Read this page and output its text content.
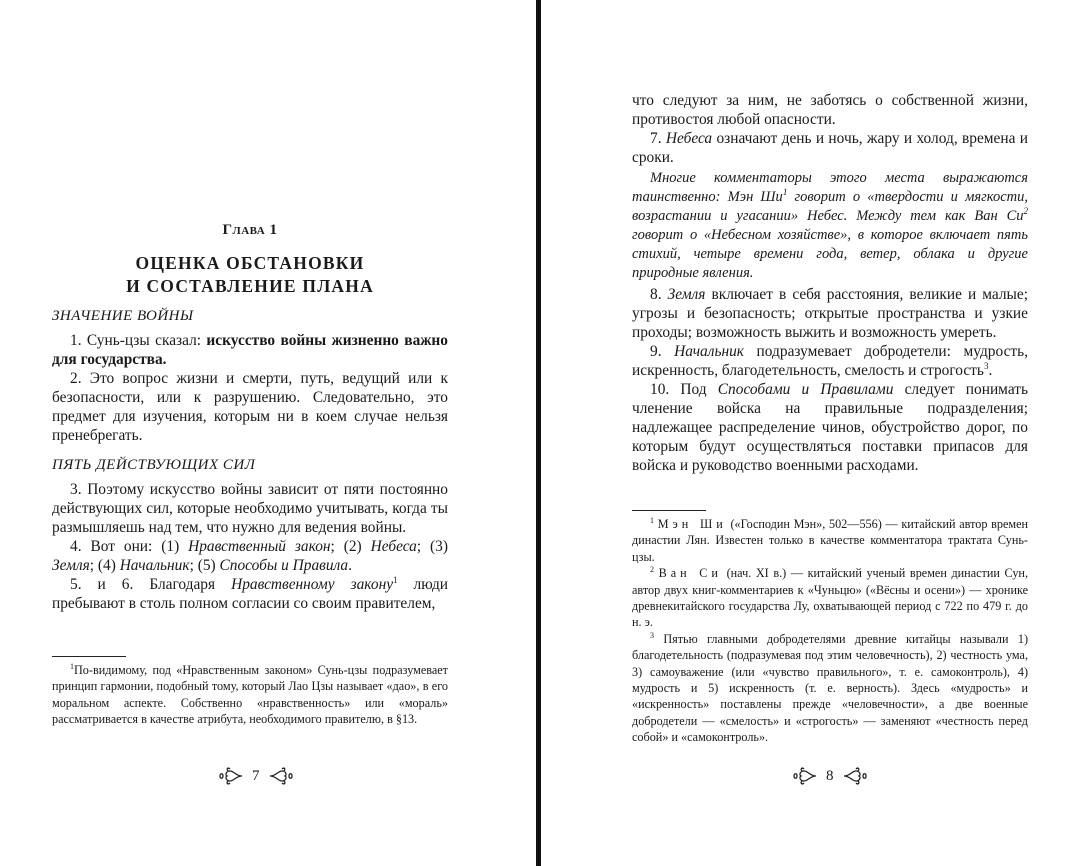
Глава 1
ОЦЕНКА ОБСТАНОВКИ
И СОСТАВЛЕНИЕ ПЛАНА
ЗНАЧЕНИЕ ВОЙНЫ

1. Сунь-цзы сказал: искусство войны жизненно важно для государства.

2. Это вопрос жизни и смерти, путь, ведущий или к безопасности, или к разрушению. Следовательно, это предмет для изучения, которым ни в коем случае нельзя пренебрегать.

ПЯТЬ ДЕЙСТВУЮЩИХ СИЛ

3. Поэтому искусство войны зависит от пяти постоянно действующих сил, которые необходимо учитывать, когда ты размышляешь над тем, что нужно для ведения войны.

4. Вот они: (1) Нравственный закон; (2) Небеса; (3) Земля; (4) Начальник; (5) Способы и Правила.

5. и 6. Благодаря Нравственному закону$^1$ люди пребывают в столь полном согласии со своим правителем,

$^1$По-видимому, под «Нравственным законом» Сунь-цзы подразумевает принцип гармонии, подобный тому, который Лао Цзы называет «дао», в его моральном аспекте. Собственно «нравственность» или «мораль» рассматривается в качестве атрибута, необходимого правителю, в §13.
7

что следуют за ним, не заботясь о собственной жизни, противостоя любой опасности.

7. Небеса означают день и ночь, жару и холод, времена и сроки.

Многие комментаторы этого места выражаются таинственно: Мэн $Ши^1$ говорит о «твердости и мягкости, возрастании и угасании» Небес. Между тем как Ван $Си^2$ говорит о «Небесном хозяйстве», в которое включает пять стихий, четыре времени года, ветер, облака и другие природные явления.

8. Земля включает в себя расстояния, великие и малые; угрозы и безопасность; открытые пространства и узкие проходы; возможность выжить и возможность умереть.

9. Начальник подразумевает добродетели: мудрость, искренность, благодетельность, смелость и строгость$^3$.

10. Под Способами и Правилами следует понимать членение войска на правильные подразделения; надлежащее распределение чинов, обустройство дорог, по которым будут осуществляться поставки припасов для войска и руководство военными расходами.

$^1$ Мэн Ши («Господин Мэн», 502—556) — китайский автор времен династии Лян. Известен только в качестве комментатора трактата Сунь-цзы.
$^2$ Ван Си (нач. XI в.) — китайский ученый времен династии Сун, автор двух книг-комментариев к «Чуньцю» («Вёсны и осени») — хронике древнекитайского государства Лу, охватывающей период с 722 по 479 г. до н. э.
$^3$ Пятью главными добродетелями древние китайцы называли 1) благодетельность (подразумевая под этим человечность), 2) честность ума, 3) самоуважение (или «чувство правильного», т. е. самоконтроль), 4) мудрость и 5) искренность (т. е. верность). Здесь «мудрость» и «искренность» поставлены прежде «человечности», а две военные добродетели — «смелость» и «строгость» — заменяют «честность перед собой» и «самоконтроль».
8
